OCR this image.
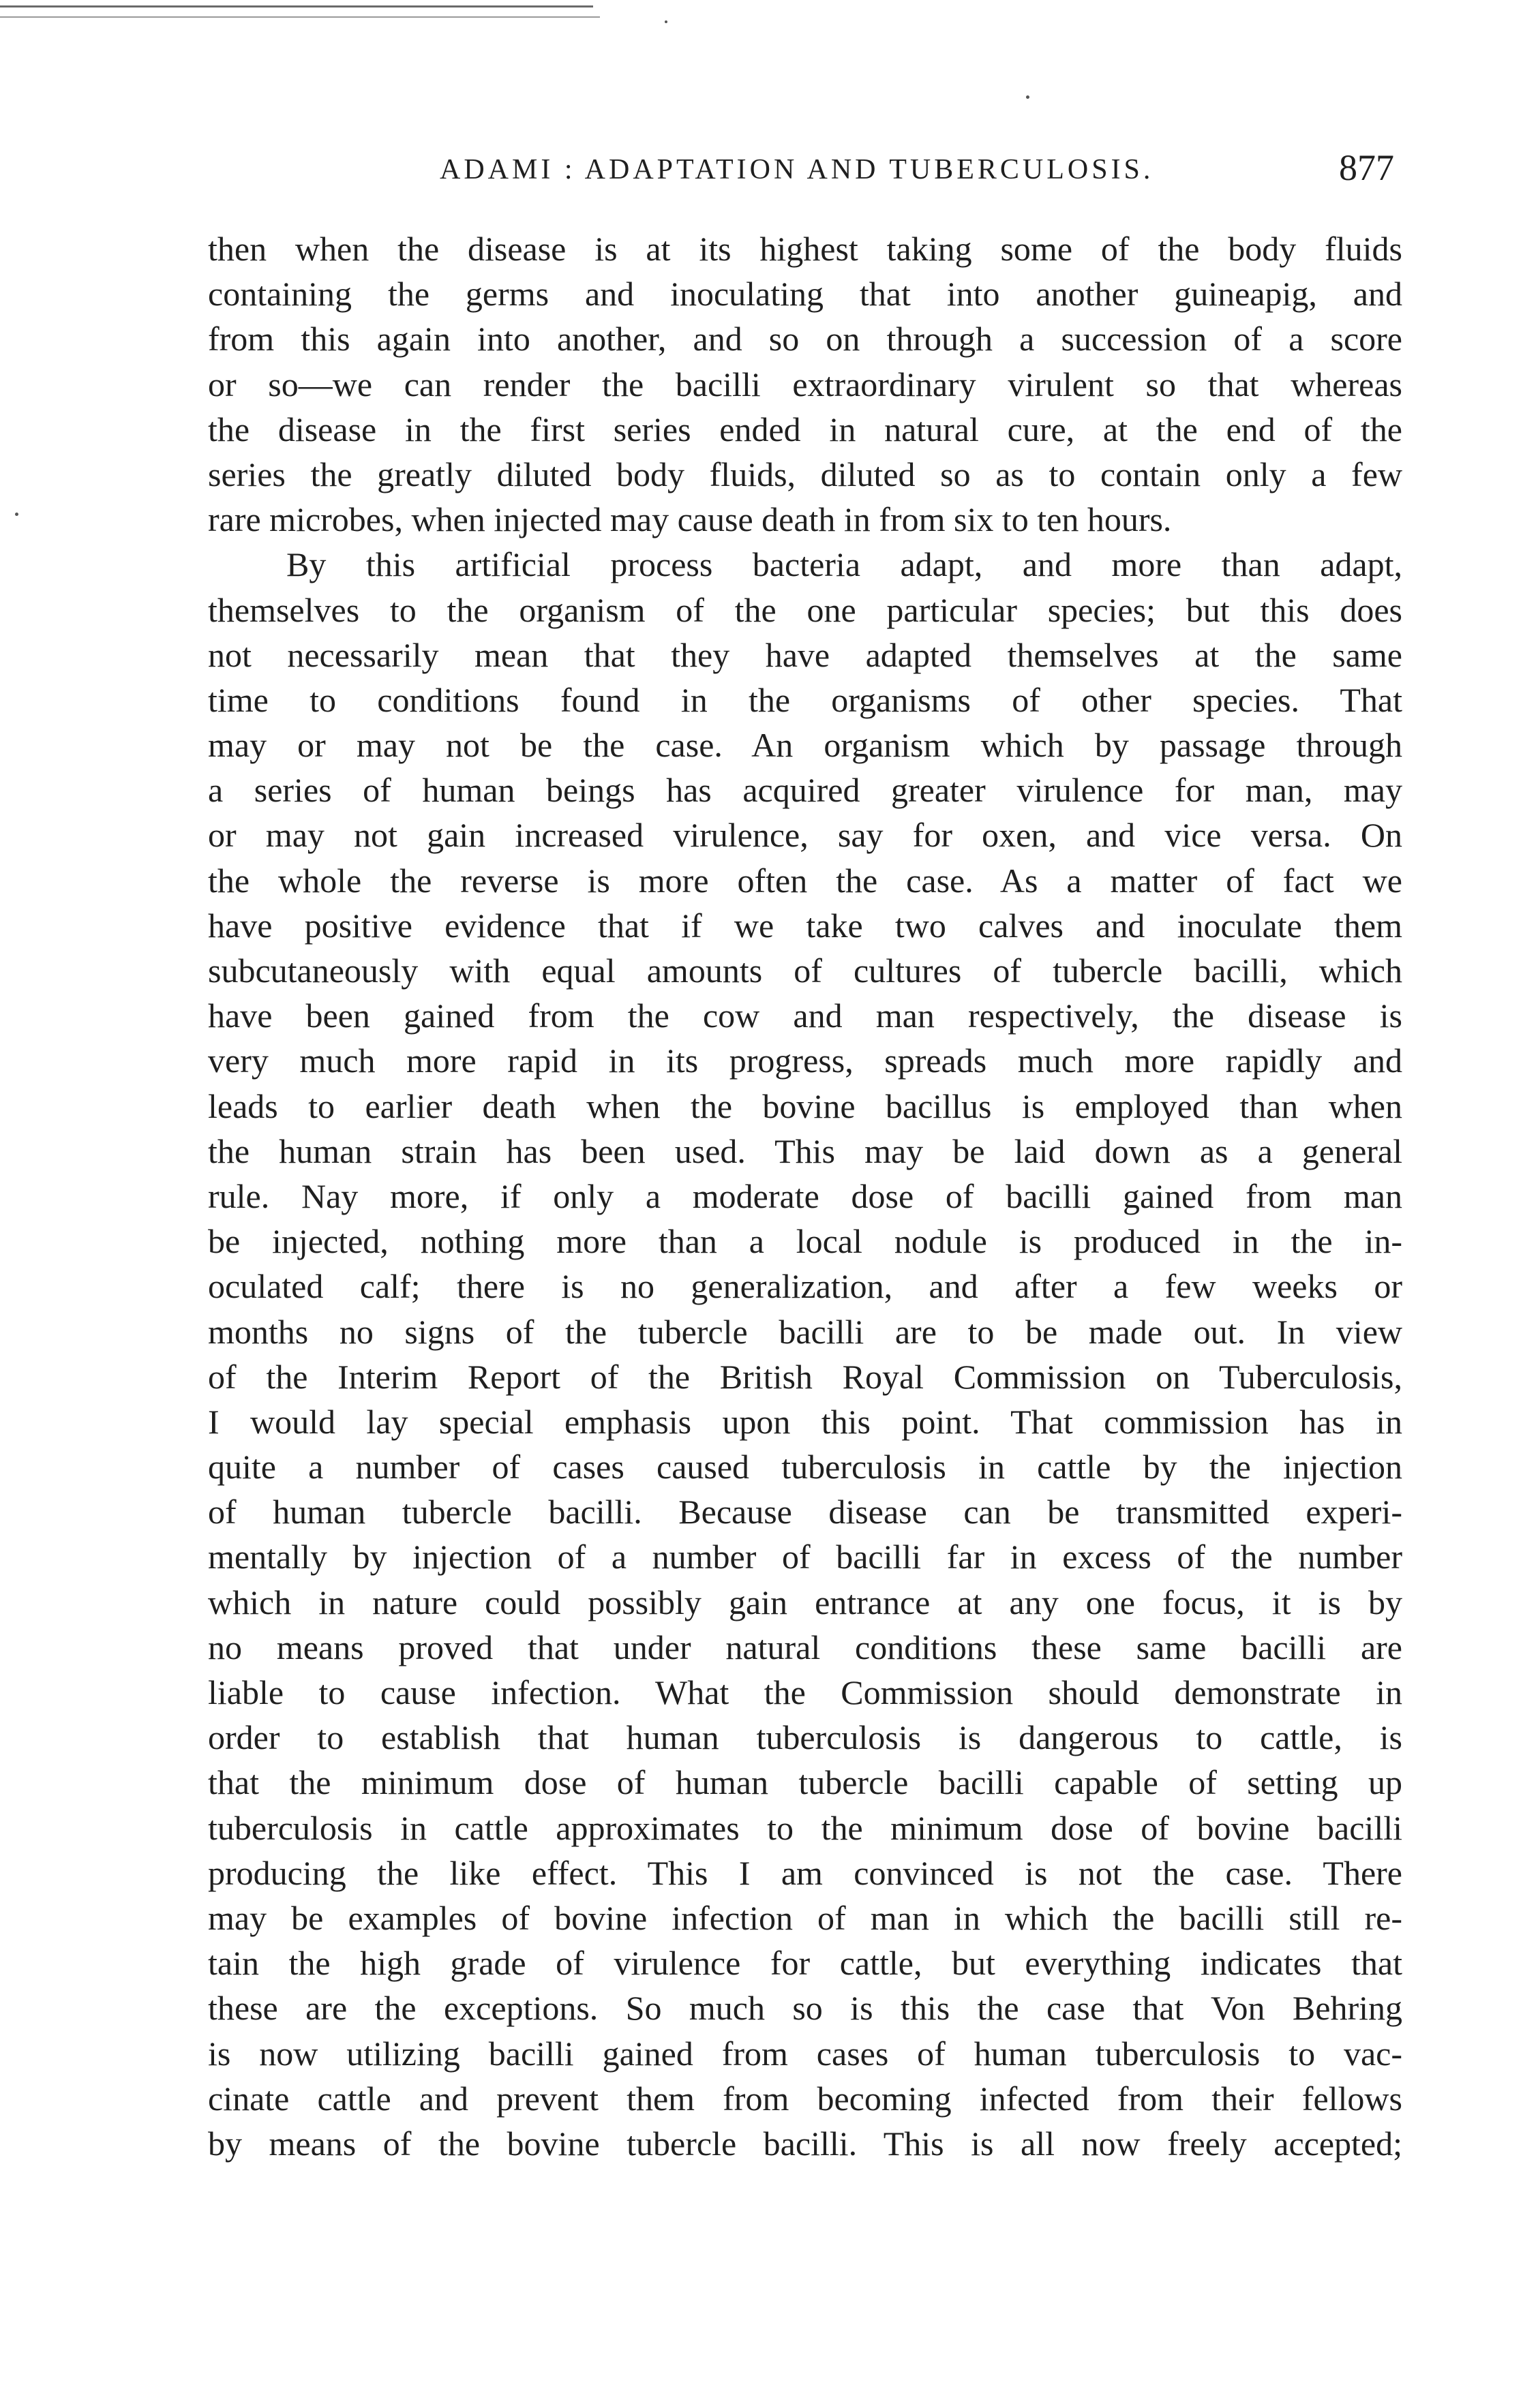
ADAMI : ADAPTATION AND TUBERCULOSIS.	877
then when the disease is at its highest taking some of the body fluids
containing the germs and inoculating that into another guineapig, and
from this again into another, and so on through a succession of a score
or so—we can render the bacilli extraordinary virulent so that whereas
the disease in the first series ended in natural cure, at the end of the
series the greatly diluted body fluids, diluted so as to contain only a few
rare microbes, when injected may cause death in from six to ten hours.
By this artificial process bacteria adapt, and more than adapt,
themselves to the organism of the one particular species; but this does
not necessarily mean that they have adapted themselves at the same
time to conditions found in the organisms of other species. That
may or may not be the case. An organism which by passage through
a series of human beings has acquired greater virulence for man, may
or may not gain increased virulence, say for oxen, and vice versa. On
the whole the reverse is more often the case. As a matter of fact we
have positive evidence that if we take two calves and inoculate them
subcutaneously with equal amounts of cultures of tubercle bacilli, which
have been gained from the cow and man respectively, the disease is
very much more rapid in its progress, spreads much more rapidly and
leads to earlier death when the bovine bacillus is employed than when
the human strain has been used. This may be laid down as a general
rule. Nay more, if only a moderate dose of bacilli gained from man
be injected, nothing more than a local nodule is produced in the in-
oculated calf; there is no generalization, and after a few weeks or
months no signs of the tubercle bacilli are to be made out. In view
of the Interim Report of the British Royal Commission on Tuberculosis,
I would lay special emphasis upon this point. That commission has in
quite a number of cases caused tuberculosis in cattle by the injection
of human tubercle bacilli. Because disease can be transmitted experi-
mentally by injection of a number of bacilli far in excess of the number
which in nature could possibly gain entrance at any one focus, it is by
no means proved that under natural conditions these same bacilli are
liable to cause infection. What the Commission should demonstrate in
order to establish that human tuberculosis is dangerous to cattle, is
that the minimum dose of human tubercle bacilli capable of setting up
tuberculosis in cattle approximates to the minimum dose of bovine bacilli
producing the like effect. This I am convinced is not the case. There
may be examples of bovine infection of man in which the bacilli still re-
tain the high grade of virulence for cattle, but everything indicates that
these are the exceptions. So much so is this the case that Von Behring
is now utilizing bacilli gained from cases of human tuberculosis to vac-
cinate cattle and prevent them from becoming infected from their fellows
by means of the bovine tubercle bacilli. This is all now freely accepted;
